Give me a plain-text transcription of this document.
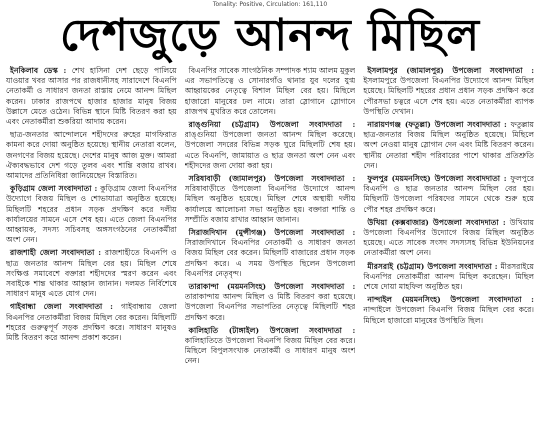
Tonality: Positive, Circulation: 161,110
দেশজুড়ে আনন্দ মিছিল

ইনকিলাব ডেস্ক : শেখ হাসিনা দেশ ছেড়ে পালিয়ে যাওয়ার খবর আসার পর রাজধানীসহ সারাদেশে বিএনপি নেতাকর্মী ও সাধারণ জনতা রাস্তায় নেমে আনন্দ মিছিল করেন। ঢাকার রাজপথে হাজার হাজার মানুষ বিজয় উল্লাসে মেতে ওঠেন। বিভিন্ন স্থানে মিষ্টি বিতরণ করা হয় এবং নেতাকর্মীরা শুকরিয়া আদায় করেন।

ছাত্র-জনতার আন্দোলনে শহীদদের রুহের মাগফিরাত কামনা করে দোয়া অনুষ্ঠিত হয়েছে। স্থানীয় নেতারা বলেন, জনগণের বিজয় হয়েছে। দেশের মানুষ আজ মুক্ত। আমরা ঐক্যবদ্ধভাবে দেশ গড়ে তুলব এবং শান্তি বজায় রাখব। আমাদের প্রতিনিধিরা জানিয়েছেন বিস্তারিত।

কুড়িগ্রাম জেলা সংবাদদাতা : কুড়িগ্রাম জেলা বিএনপির উদ্যোগে বিজয় মিছিল ও শোভাযাত্রা অনুষ্ঠিত হয়েছে। মিছিলটি শহরের প্রধান সড়ক প্রদক্ষিণ করে দলীয় কার্যালয়ের সামনে এসে শেষ হয়। এতে জেলা বিএনপির আহ্বায়ক, সদস্য সচিবসহ অঙ্গসংগঠনের নেতাকর্মীরা অংশ নেন।

রাজশাহী জেলা সংবাদদাতা : রাজশাহীতে বিএনপি ও ছাত্র জনতার আনন্দ মিছিল বের হয়। মিছিল শেষে সংক্ষিপ্ত সমাবেশে বক্তারা শহীদদের স্মরণ করেন এবং সবাইকে শান্ত থাকার আহ্বান জানান। দলমত নির্বিশেষে সাধারণ মানুষ এতে যোগ দেন।

গাইবান্ধা জেলা সংবাদদাতা : গাইবান্ধায় জেলা বিএনপির নেতাকর্মীরা বিজয় মিছিল বের করেন। মিছিলটি শহরের গুরুত্বপূর্ণ সড়ক প্রদক্ষিণ করে। সাধারণ মানুষও মিষ্টি বিতরণ করে আনন্দ প্রকাশ করেন।

বিএনপির সাবেক সাংগঠনিক সম্পাদক শ্যাম আলম মুকুল এর সভাপতিত্বে ও সোনারগাঁও থানার যুব দলের যুগ্ম আহ্বায়কের নেতৃত্বে বিশাল মিছিল বের হয়। মিছিলে হাজারো মানুষের ঢল নামে। তারা স্লোগানে স্লোগানে রাজপথ মুখরিত করে তোলেন।

রাঙ্গুনিয়া (চট্টগ্রাম) উপজেলা সংবাদদাতা : রাঙ্গুনিয়া উপজেলা জনতা আনন্দ মিছিল করেছে। উপজেলা সদরের বিভিন্ন সড়ক ঘুরে মিছিলটি শেষ হয়। এতে বিএনপি, জামায়াত ও ছাত্র জনতা অংশ নেন এবং শহীদদের জন্য দোয়া করা হয়।

সরিষাবাড়ী (জামালপুর) উপজেলা সংবাদদাতা : সরিষাবাড়ীতে উপজেলা বিএনপির উদ্যোগে আনন্দ মিছিল অনুষ্ঠিত হয়েছে। মিছিল শেষে অস্থায়ী দলীয় কার্যালয়ে আলোচনা সভা অনুষ্ঠিত হয়। বক্তারা শান্তি ও সম্প্রীতি বজায় রাখার আহ্বান জানান।

সিরাজদিখান (মুন্সীগঞ্জ) উপজেলা সংবাদদাতা : সিরাজদিখানে বিএনপির নেতাকর্মী ও সাধারণ জনতা বিজয় মিছিল বের করেন। মিছিলটি বাজারের প্রধান সড়ক প্রদক্ষিণ করে। এ সময় উপস্থিত ছিলেন উপজেলা বিএনপির নেতৃবৃন্দ।

তারাকান্দা (ময়মনসিংহ) উপজেলা সংবাদদাতা : তারাকান্দায় আনন্দ মিছিল ও মিষ্টি বিতরণ করা হয়েছে। উপজেলা বিএনপির সভাপতির নেতৃত্বে মিছিলটি শহর প্রদক্ষিণ করে।

কালিহাতি (টাঙ্গাইল) উপজেলা সংবাদদাতা : কালিহাতিতে উপজেলা বিএনপি বিজয় মিছিল বের করে। মিছিলে বিপুলসংখ্যক নেতাকর্মী ও সাধারণ মানুষ অংশ নেন।

ইসলামপুর (জামালপুর) উপজেলা সংবাদদাতা : ইসলামপুরে উপজেলা বিএনপির উদ্যোগে আনন্দ মিছিল হয়েছে। মিছিলটি শহরের প্রধান প্রধান সড়ক প্রদক্ষিণ করে পৌরসভা চত্বরে এসে শেষ হয়। এতে নেতাকর্মীরা ব্যাপক উপস্থিতি দেখান।

নারায়ণগঞ্জ (ফতুল্লা) উপজেলা সংবাদদাতা : ফতুল্লায় ছাত্র-জনতার বিজয় মিছিল অনুষ্ঠিত হয়েছে। মিছিলে অংশ নেওয়া মানুষ স্লোগান দেন এবং মিষ্টি বিতরণ করেন। স্থানীয় নেতারা শহীদ পরিবারের পাশে থাকার প্রতিশ্রুতি দেন।

ফুলপুর (ময়মনসিংহ) উপজেলা সংবাদদাতা : ফুলপুরে বিএনপি ও ছাত্র জনতার আনন্দ মিছিল বের হয়। মিছিলটি উপজেলা পরিষদের সামনে থেকে শুরু হয়ে পৌর শহর প্রদক্ষিণ করে।

উখিয়া (কক্সবাজার) উপজেলা সংবাদদাতা : উখিয়ায় উপজেলা বিএনপির উদ্যোগে বিজয় মিছিল অনুষ্ঠিত হয়েছে। এতে সাবেক সংসদ সদস্যসহ বিভিন্ন ইউনিয়নের নেতাকর্মীরা অংশ নেন।

মীরসরাই (চট্টগ্রাম) উপজেলা সংবাদদাতা : মীরসরাইয়ে বিএনপির নেতাকর্মীরা আনন্দ মিছিল করেছেন। মিছিল শেষে দোয়া মাহফিল অনুষ্ঠিত হয়।

নান্দাইল (ময়মনসিংহ) উপজেলা সংবাদদাতা : নান্দাইলে উপজেলা বিএনপি বিজয় মিছিল বের করে। মিছিলে হাজারো মানুষের উপস্থিতি ছিল।
